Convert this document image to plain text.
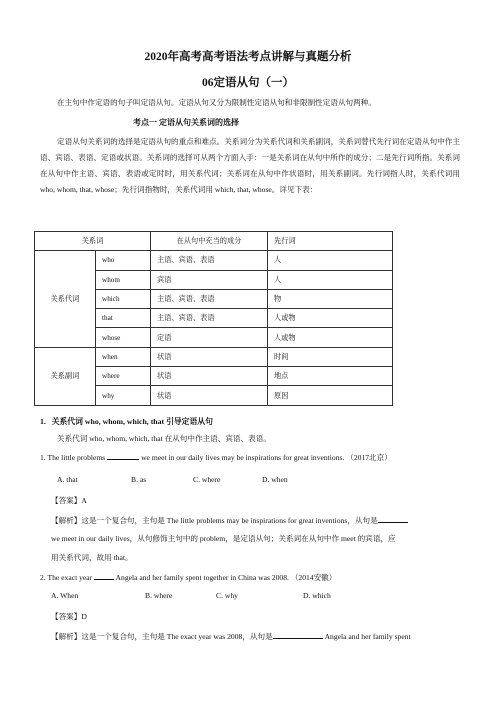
2020年高考高考语法考点讲解与真题分析
06定语从句（一）
在主句中作定语的句子叫定语从句。定语从句又分为限制性定语从句和非限制性定语从句两种。
考点一 定语从句关系词的选择
定语从句关系词的选择是定语从句的重点和难点。关系词分为关系代词和关系副词，关系词替代先行词在定语从句中作主语、宾语、表语、定语或状语。关系词的选择可从两个方面入手：一是关系词在从句中所作的成分；二是先行词所指。关系词在从句中作主语、宾语、表语或定时时，用关系代词；关系词在从句中作状语时，用关系副词。先行词指人时，关系代词用 who, whom, that, whose；先行词指物时，关系代词用 which, that, whose。详见下表：
关系词		在从句中充当的成分	先行词
关系代词	who	主语、宾语、表语	人
	whom	宾语	人
	which	主语、宾语、表语	物
	that	主语、宾语、表语	人或物
	whose	定语	人或物
关系副词	when	状语	时间
	where	状语	地点
	why	状语	原因
1. 关系代词 who, whom, which, that 引导定语从句
关系代词 who, whom, which, that 在从句中作主语、宾语、表语。
1. The little problems	we meet in our daily lives may be inspirations for great inventions. （2017北京）
A. that	B. as	C. where	D. when
【答案】A
【解析】这是一个复合句，主句是 The little problems may be inspirations for great inventions，从句是
we meet in our daily lives，从句修饰主句中的 problem，是定语从句；关系词在从句中作 meet 的宾语，应
用关系代词，故用 that。
2. The exact year	Angela and her family spent together in China was 2008. （2014安徽）
A. When	B. where	C. why	D. which
【答案】D
【解析】这是一个复合句，主句是 The exact year was 2008，从句是	Angela and her family spent
